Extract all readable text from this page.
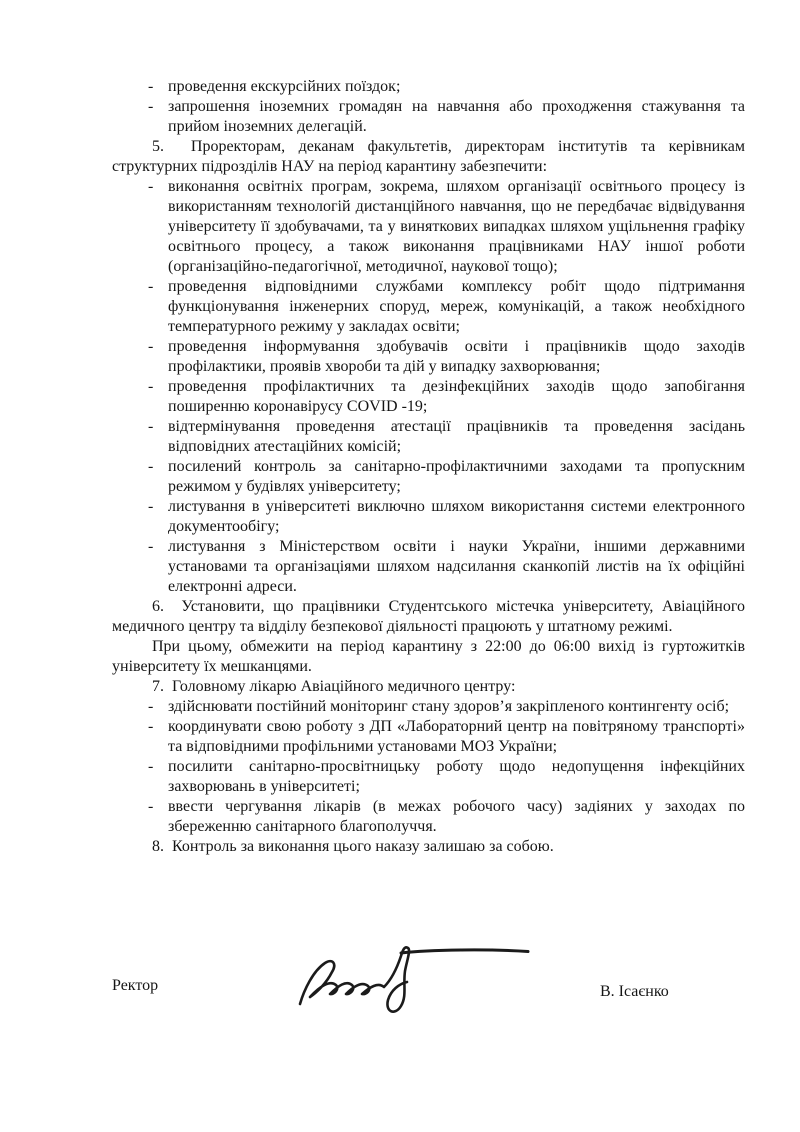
- проведення екскурсійних поїздок;
- запрошення іноземних громадян на навчання або проходження стажування та прийом іноземних делегацій.

5.  Проректорам, деканам факультетів, директорам інститутів та керівникам структурних підрозділів НАУ на період карантину забезпечити:

- виконання освітніх програм, зокрема, шляхом організації освітнього процесу із використанням технологій дистанційного навчання, що не передбачає відвідування університету її здобувачами, та у виняткових випадках шляхом ущільнення графіку освітнього процесу, а також виконання працівниками НАУ іншої роботи (організаційно-педагогічної, методичної, наукової тощо);
- проведення відповідними службами комплексу робіт щодо підтримання функціонування інженерних споруд, мереж, комунікацій, а також необхідного температурного режиму у закладах освіти;
- проведення інформування здобувачів освіти і працівників щодо заходів профілактики, проявів хвороби та дій у випадку захворювання;
- проведення профілактичних та дезінфекційних заходів щодо запобігання поширенню коронавірусу COVID -19;
- відтермінування проведення атестації працівників та проведення засідань відповідних атестаційних комісій;
- посилений контроль за санітарно-профілактичними заходами та пропускним режимом у будівлях університету;
- листування в університеті виключно шляхом використання системи електронного документообігу;
- листування з Міністерством освіти і науки України, іншими державними установами та організаціями шляхом надсилання сканкопій листів на їх офіційні електронні адреси.

6.  Установити, що працівники Студентського містечка університету, Авіаційного медичного центру та відділу безпекової діяльності працюють у штатному режимі.

При цьому, обмежити на період карантину з 22:00 до 06:00 вихід із гуртожитків університету їх мешканцями.

7.  Головному лікарю Авіаційного медичного центру:

- здійснювати постійний моніторинг стану здоров’я закріпленого контингенту осіб;
- координувати свою роботу з ДП «Лабораторний центр на повітряному транспорті» та відповідними профільними установами МОЗ України;
- посилити санітарно-просвітницьку роботу щодо недопущення інфекційних захворювань в університеті;
- ввести чергування лікарів (в межах робочого часу) задіяних у заходах по збереженню санітарного благополуччя.

8.  Контроль за виконання цього наказу залишаю за собою.

Ректор	В. Ісаєнко
